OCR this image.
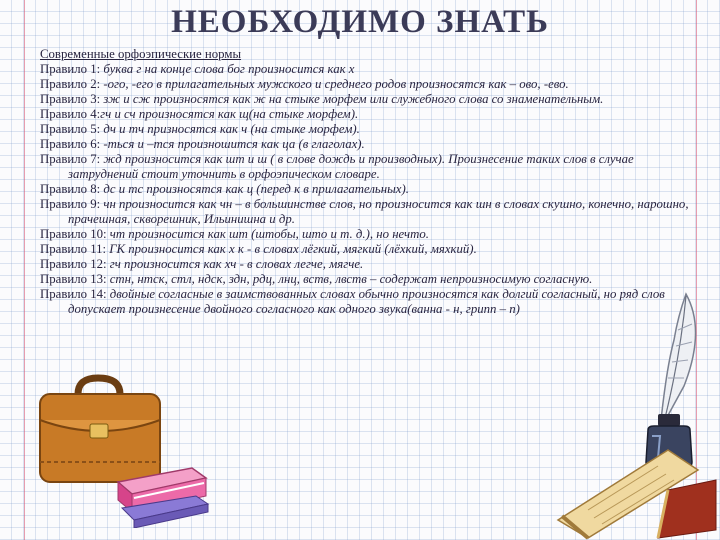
НЕОБХОДИМО ЗНАТЬ
Современные орфоэпические нормы

Правило 1: буква г на конце слова бог произносится как х

Правило 2: -ого, -его в прилагательных мужского и среднего родов произносятся как – ово, -ево.

Правило 3: зж и сж произносятся как ж на стыке морфем или служебного слова со знаменательным.

Правило 4:гч и сч произносятся как щ(на стыке морфем).

Правило 5: дч и тч призносятся как ч (на стыке морфем).

Правило 6: -ться и –тся произношится как ца (в глаголах).

Правило 7: жд произносится как шт и ш ( в слове дождь и производных). Произнесение таких слов в случае затруднений стоит уточнить в орфоэпическом словаре.

Правило 8: дс и тс произносятся как ц (перед к в прилагательных).

Правило 9: чн произносится как чн – в большинстве слов, но произносится как шн в словах скушно, конечно, нарошно, прачешная, скворешник, Ильинишна и др.

Правило 10: чт произносится как шт (штобы, што и т. д.), но нечто.

Правило 11: ГК произносится как х к - в словах лёгкий, мягкий (лёхкий, мяхкий).

Правило 12: гч произносится как хч - в словах легче, мягче.

Правило 13: стн, нтск, стл, ндск, здн, рдц, лнц, вств, лвств – содержат непроизносимую согласную.

Правило 14: двойные согласные в заимствованных словах обычно произносятся как долгий согласный, но ряд слов допускает произнесение двойного согласного как одного звука(ванна - н, грипп – п)
